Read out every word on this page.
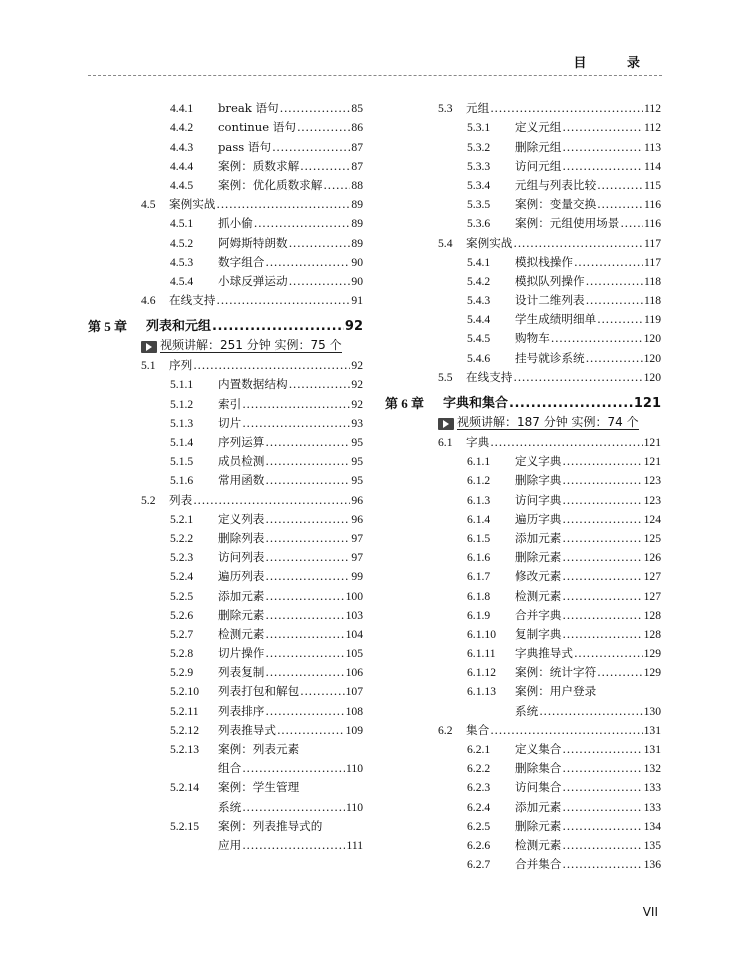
目 录
4.4.1	break 语句 .....	85
4.4.2	continue 语句 .....	86
4.4.3	pass 语句 .....	87
4.4.4	案例：质数求解 .....	87
4.4.5	案例：优化质数求解 .....	88
4.5	案例实战 .....	89
4.5.1	抓小偷 .....	89
4.5.2	阿姆斯特朗数 .....	89
4.5.3	数字组合 .....	90
4.5.4	小球反弹运动 .....	90
4.6	在线支持 .....	91
第 5 章	列表和元组 .....	92
视频讲解：251 分钟 实例：75 个
5.1	序列 .....	92
5.1.1	内置数据结构 .....	92
5.1.2	索引 .....	92
5.1.3	切片 .....	93
5.1.4	序列运算 .....	95
5.1.5	成员检测 .....	95
5.1.6	常用函数 .....	95
5.2	列表 .....	96
5.2.1	定义列表 .....	96
5.2.2	删除列表 .....	97
5.2.3	访问列表 .....	97
5.2.4	遍历列表 .....	99
5.2.5	添加元素 .....	100
5.2.6	删除元素 .....	103
5.2.7	检测元素 .....	104
5.2.8	切片操作 .....	105
5.2.9	列表复制 .....	106
5.2.10	列表打包和解包 .....	107
5.2.11	列表排序 .....	108
5.2.12	列表推导式 .....	109
5.2.13	案例：列表元素
组合 .....	110
5.2.14	案例：学生管理
系统 .....	110
5.2.15	案例：列表推导式的
应用 .....	111
5.3	元组 .....	112
5.3.1	定义元组 .....	112
5.3.2	删除元组 .....	113
5.3.3	访问元组 .....	114
5.3.4	元组与列表比较 .....	115
5.3.5	案例：变量交换 .....	116
5.3.6	案例：元组使用场景 ..... 116
5.4	案例实战 .....	117
5.4.1	模拟栈操作 .....	117
5.4.2	模拟队列操作 .....	118
5.4.3	设计二维列表 .....	118
5.4.4	学生成绩明细单 .....	119
5.4.5	购物车 .....	120
5.4.6	挂号就诊系统 .....	120
5.5	在线支持 .....	120
第 6 章	字典和集合 .....	121
视频讲解：187 分钟 实例：74 个
6.1	字典 .....	121
6.1.1	定义字典 .....	121
6.1.2	删除字典 .....	123
6.1.3	访问字典 .....	123
6.1.4	遍历字典 .....	124
6.1.5	添加元素 .....	125
6.1.6	删除元素 .....	126
6.1.7	修改元素 .....	127
6.1.8	检测元素 .....	127
6.1.9	合并字典 .....	128
6.1.10	复制字典 .....	128
6.1.11	字典推导式 .....	129
6.1.12	案例：统计字符 .....	129
6.1.13	案例：用户登录
系统 .....	130
6.2	集合 .....	131
6.2.1	定义集合 .....	131
6.2.2	删除集合 .....	132
6.2.3	访问集合 .....	133
6.2.4	添加元素 .....	133
6.2.5	删除元素 .....	134
6.2.6	检测元素 .....	135
6.2.7	合并集合 .....	136
VII
